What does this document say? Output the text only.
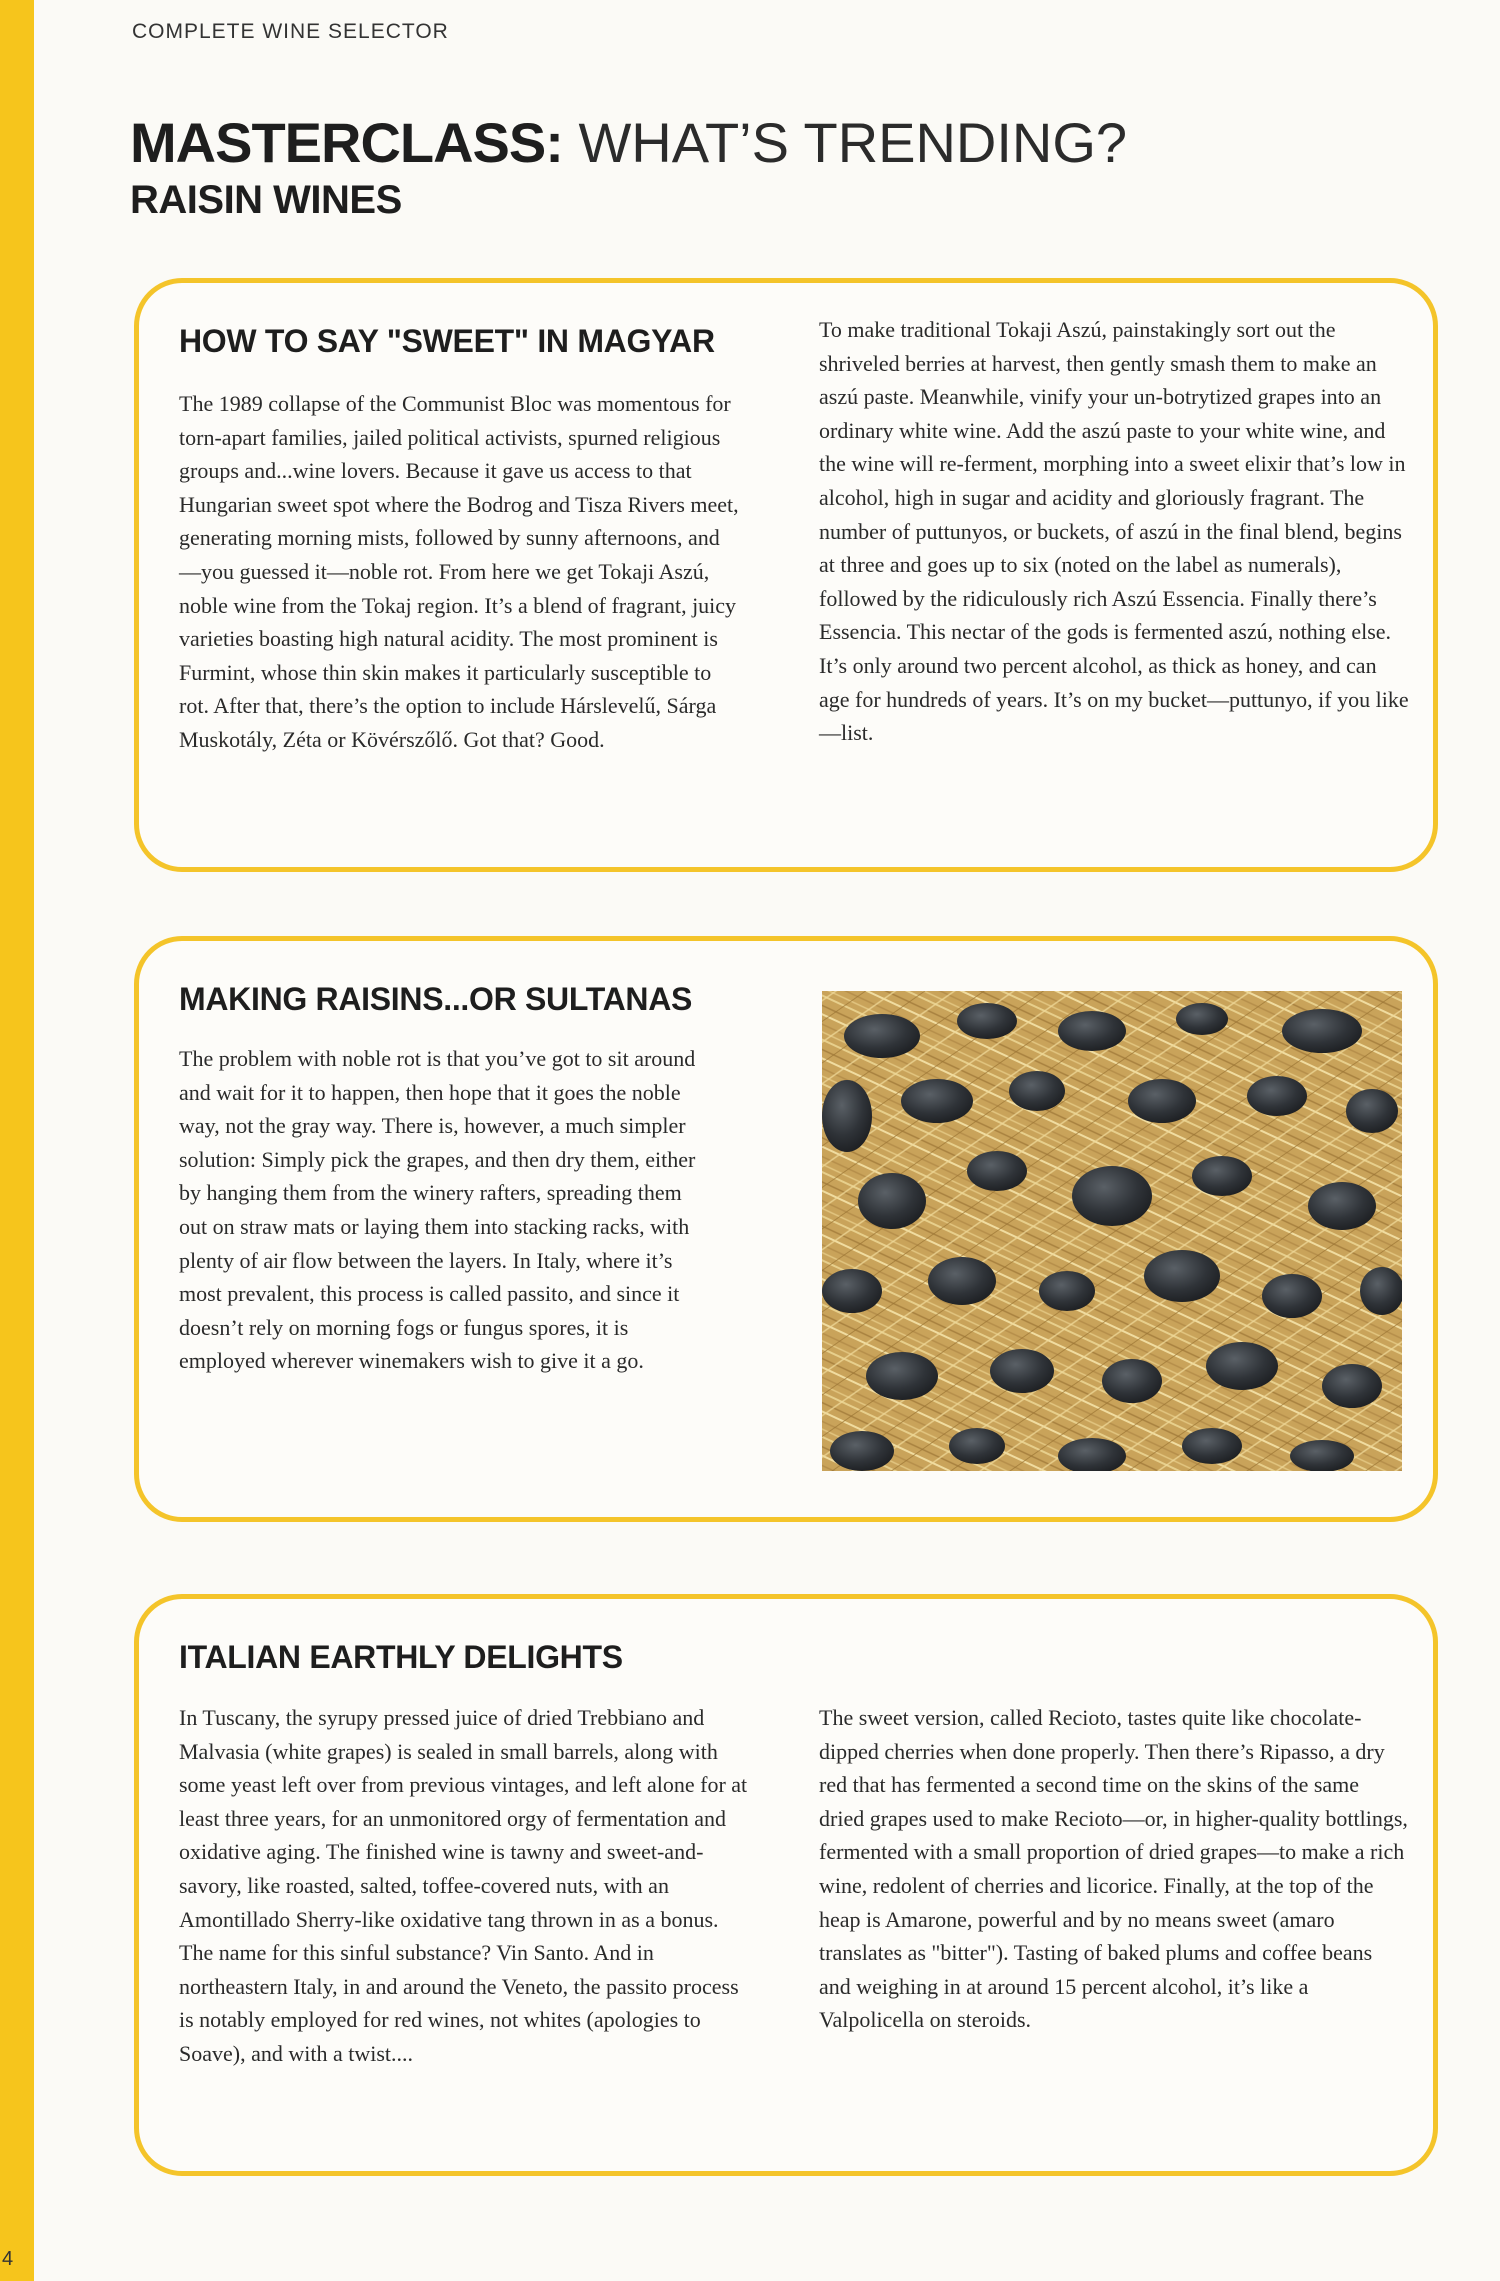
4
COMPLETE WINE SELECTOR
MASTERCLASS: WHAT’S TRENDING?
RAISIN WINES
HOW TO SAY "SWEET" IN MAGYAR

The 1989 collapse of the Communist Bloc was momentous for torn-apart families, jailed political activists, spurned religious groups and...wine lovers. Because it gave us access to that Hungarian sweet spot where the Bodrog and Tisza Rivers meet, generating morning mists, followed by sunny afternoons, and—you guessed it—noble rot. From here we get Tokaji Aszú, noble wine from the Tokaj region. It’s a blend of fragrant, juicy varieties boasting high natural acidity. The most prominent is Furmint, whose thin skin makes it particularly susceptible to rot. After that, there’s the option to include Hárslevelű, Sárga Muskotály, Zéta or Kövérszőlő. Got that? Good.

To make traditional Tokaji Aszú, painstakingly sort out the shriveled berries at harvest, then gently smash them to make an aszú paste. Meanwhile, vinify your un-botrytized grapes into an ordinary white wine. Add the aszú paste to your white wine, and the wine will re-ferment, morphing into a sweet elixir that’s low in alcohol, high in sugar and acidity and gloriously fragrant. The number of puttunyos, or buckets, of aszú in the final blend, begins at three and goes up to six (noted on the label as numerals), followed by the ridiculously rich Aszú Essencia. Finally there’s Essencia. This nectar of the gods is fermented aszú, nothing else. It’s only around two percent alcohol, as thick as honey, and can age for hundreds of years. It’s on my bucket—puttunyo, if you like—list.

MAKING RAISINS...OR SULTANAS

The problem with noble rot is that you’ve got to sit around and wait for it to happen, then hope that it goes the noble way, not the gray way. There is, however, a much simpler solution: Simply pick the grapes, and then dry them, either by hanging them from the winery rafters, spreading them out on straw mats or laying them into stacking racks, with plenty of air flow between the layers. In Italy, where it’s most prevalent, this process is called passito, and since it doesn’t rely on morning fogs or fungus spores, it is employed wherever winemakers wish to give it a go.

ITALIAN EARTHLY DELIGHTS

In Tuscany, the syrupy pressed juice of dried Trebbiano and Malvasia (white grapes) is sealed in small barrels, along with some yeast left over from previous vintages, and left alone for at least three years, for an unmonitored orgy of fermentation and oxidative aging. The finished wine is tawny and sweet-and-savory, like roasted, salted, toffee-covered nuts, with an Amontillado Sherry-like oxidative tang thrown in as a bonus. The name for this sinful substance? Vin Santo. And in northeastern Italy, in and around the Veneto, the passito process is notably employed for red wines, not whites (apologies to Soave), and with a twist....

The sweet version, called Recioto, tastes quite like chocolate-dipped cherries when done properly. Then there’s Ripasso, a dry red that has fermented a second time on the skins of the same dried grapes used to make Recioto—or, in higher-quality bottlings, fermented with a small proportion of dried grapes—to make a rich wine, redolent of cherries and licorice. Finally, at the top of the heap is Amarone, powerful and by no means sweet (amaro translates as "bitter"). Tasting of baked plums and coffee beans and weighing in at around 15 percent alcohol, it’s like a Valpolicella on steroids.
